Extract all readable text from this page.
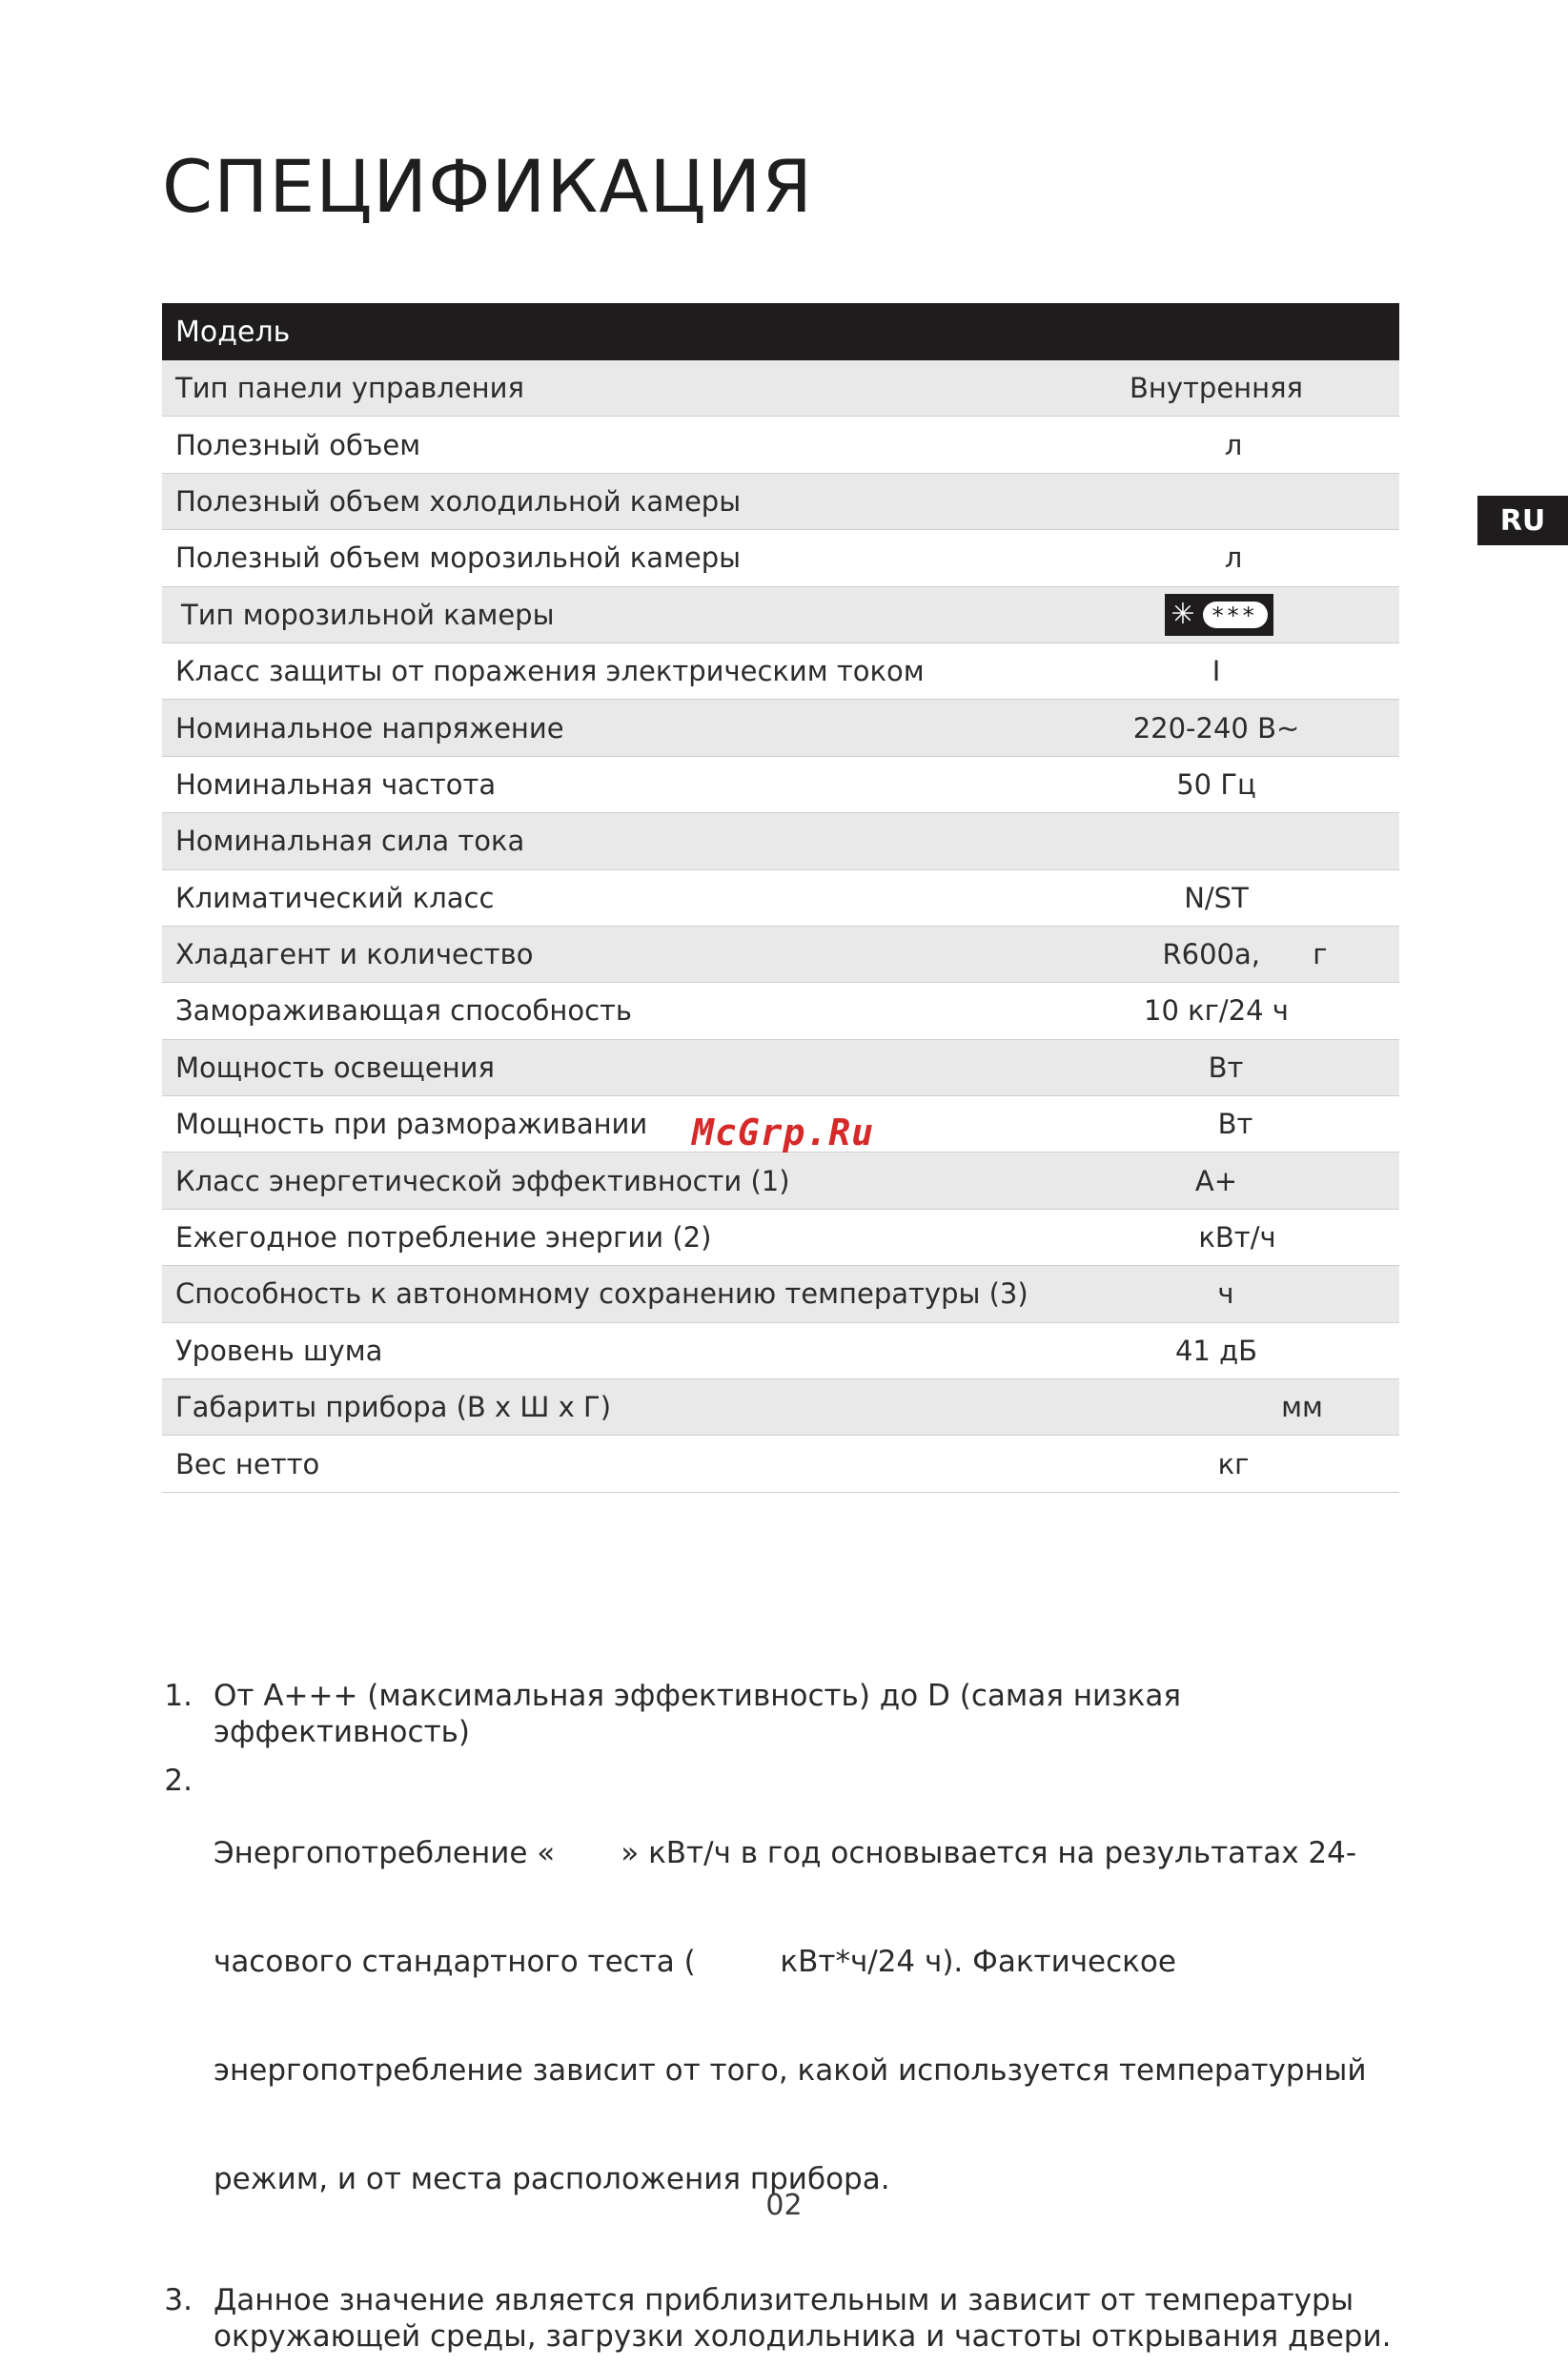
СПЕЦИФИКАЦИЯ
RU
Модель
Тип панели управления	Внутренняя
Полезный объем	л
Полезный объем холодильной камеры
Полезный объем морозильной камеры	л
Тип морозильной камеры	✳ ***
Класс защиты от поражения электрическим током	I
Номинальное напряжение	220-240 В~
Номинальная частота	50 Гц
Номинальная сила тока
Климатический класс	N/ST
Хладагент и количество	R600a,      г
Замораживающая способность	10 кг/24 ч
Мощность освещения	Вт
Мощность при размораживании	Вт
Класс энергетической эффективности (1)	А+
Ежегодное потребление энергии (2)	кВт/ч
Способность к автономному сохранению температуры (3)	ч
Уровень шума	41 дБ
Габариты прибора (В х Ш х Г)	мм
Вес нетто	кг
McGrp.Ru
1. От А+++ (максимальная эффективность) до D (самая низкая
эффективность)
2.

Энергопотребление «       » кВт/ч в год основывается на результатах 24-

часового стандартного теста (         кВт*ч/24 ч). Фактическое

энергопотребление зависит от того, какой используется температурный

режим, и от места расположения прибора.

3. Данное значение является приблизительным и зависит от температуры
окружающей среды, загрузки холодильника и частоты открывания двери.
02
